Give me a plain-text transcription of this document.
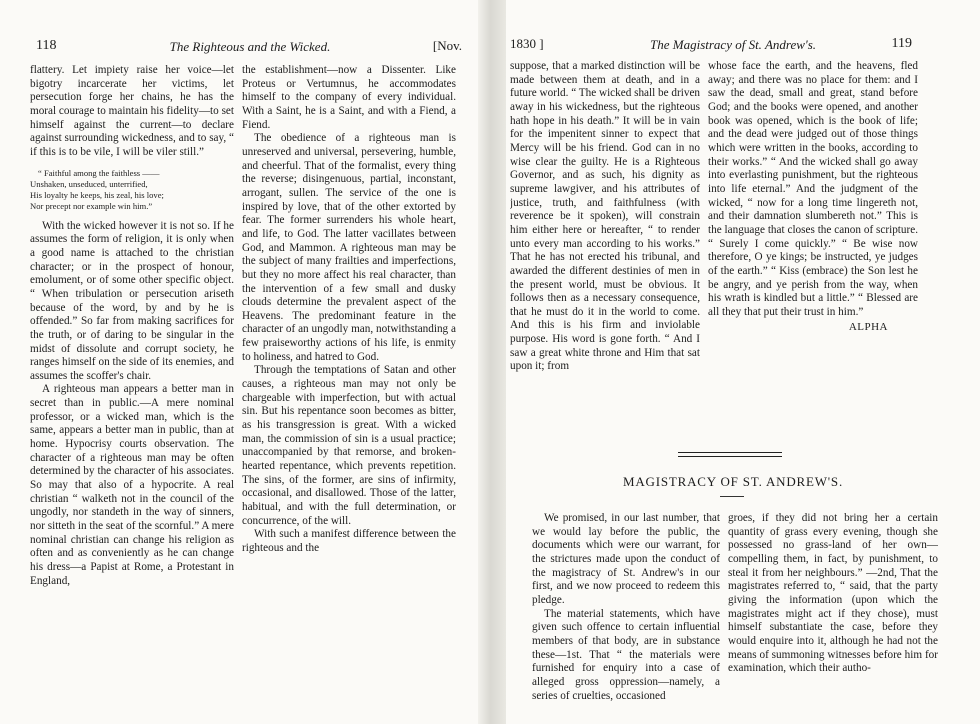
118	The Righteous and the Wicked.	[Nov.

flattery. Let impiety raise her voice—let bigotry incarcerate her victims, let persecution forge her chains, he has the moral courage to maintain his fidelity—to set himself against the current—to declare against surrounding wickedness, and to say, “ if this is to be vile, I will be viler still.”

“ Faithful among the faithless ——
Unshaken, unseduced, unterrified,
His loyalty he keeps, his zeal, his love;
Nor precept nor example win him.”

With the wicked however it is not so. If he assumes the form of religion, it is only when a good name is attached to the christian character; or in the prospect of honour, emolument, or of some other specific object. “ When tribulation or persecution ariseth because of the word, by and by he is offended.” So far from making sacrifices for the truth, or of daring to be singular in the midst of dissolute and corrupt society, he ranges himself on the side of its enemies, and assumes the scoffer's chair.

A righteous man appears a better man in secret than in public.—A mere nominal professor, or a wicked man, which is the same, appears a better man in public, than at home. Hypocrisy courts observation. The character of a righteous man may be often determined by the character of his associates. So may that also of a hypocrite. A real christian “ walketh not in the council of the ungodly, nor standeth in the way of sinners, nor sitteth in the seat of the scornful.” A mere nominal christian can change his religion as often and as conveniently as he can change his dress—a Papist at Rome, a Protestant in England,

the establishment—now a Dissenter. Like Proteus or Vertumnus, he accommodates himself to the company of every individual. With a Saint, he is a Saint, and with a Fiend, a Fiend.

The obedience of a righteous man is unreserved and universal, persevering, humble, and cheerful. That of the formalist, every thing the reverse; disingenuous, partial, inconstant, arrogant, sullen. The service of the one is inspired by love, that of the other extorted by fear. The former surrenders his whole heart, and life, to God. The latter vacillates between God, and Mammon. A righteous man may be the subject of many frailties and imperfections, but they no more affect his real character, than the intervention of a few small and dusky clouds determine the prevalent aspect of the Heavens. The predominant feature in the character of an ungodly man, notwithstanding a few praiseworthy actions of his life, is enmity to holiness, and hatred to God.

Through the temptations of Satan and other causes, a righteous man may not only be chargeable with imperfection, but with actual sin. But his repentance soon becomes as bitter, as his transgression is great. With a wicked man, the commission of sin is a usual practice; unaccompanied by that remorse, and broken-hearted repentance, which prevents repetition. The sins, of the former, are sins of infirmity, occasional, and disallowed. Those of the latter, habitual, and with the full determination, or concurrence, of the will.

With such a manifest difference between the righteous and the

1830 ]	The Magistracy of St. Andrew's.	119

suppose, that a marked distinction will be made between them at death, and in a future world. “ The wicked shall be driven away in his wickedness, but the righteous hath hope in his death.” It will be in vain for the impenitent sinner to expect that Mercy will be his friend. God can in no wise clear the guilty. He is a Righteous Governor, and as such, his dignity as supreme lawgiver, and his attributes of justice, truth, and faithfulness (with reverence be it spoken), will constrain him either here or hereafter, “ to render unto every man according to his works.” That he has not erected his tribunal, and awarded the different destinies of men in the present world, must be obvious. It follows then as a necessary consequence, that he must do it in the world to come. And this is his firm and inviolable purpose. His word is gone forth. “ And I saw a great white throne and Him that sat upon it; from

whose face the earth, and the heavens, fled away; and there was no place for them: and I saw the dead, small and great, stand before God; and the books were opened, and another book was opened, which is the book of life; and the dead were judged out of those things which were written in the books, according to their works.” “ And the wicked shall go away into everlasting punishment, but the righteous into life eternal.” And the judgment of the wicked, “ now for a long time lingereth not, and their damnation slumbereth not.” This is the language that closes the canon of scripture. “ Surely I come quickly.” “ Be wise now therefore, O ye kings; be instructed, ye judges of the earth.” “ Kiss (embrace) the Son lest he be angry, and ye perish from the way, when his wrath is kindled but a little.” “ Blessed are all they that put their trust in him.”

ALPHA
MAGISTRACY OF ST. ANDREW'S.

We promised, in our last number, that we would lay before the public, the documents which were our warrant, for the strictures made upon the conduct of the magistracy of St. Andrew's in our first, and we now proceed to redeem this pledge.

The material statements, which have given such offence to certain influential members of that body, are in substance these—1st. That “ the materials were furnished for enquiry into a case of alleged gross oppression—namely, a series of cruelties, occasioned

groes, if they did not bring her a certain quantity of grass every evening, though she possessed no grass-land of her own—compelling them, in fact, by punishment, to steal it from her neighbours.” —2nd, That the magistrates referred to, “ said, that the party giving the information (upon which the magistrates might act if they chose), must himself substantiate the case, before they would enquire into it, although he had not the means of summoning witnesses before him for examination, which their autho-
